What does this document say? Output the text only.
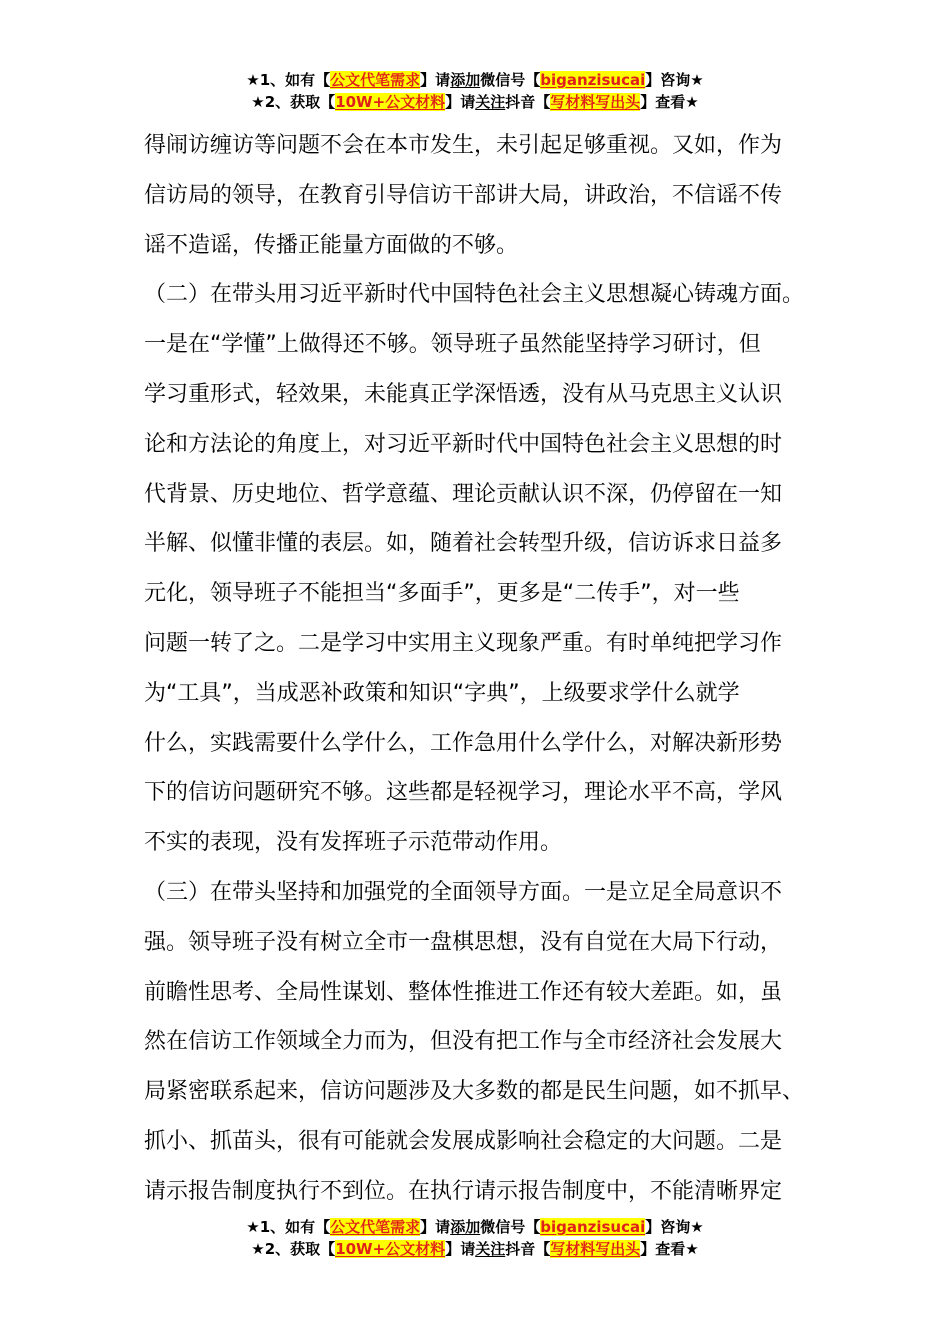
★1、如有【公文代笔需求】请添加微信号【biganzisucai】咨询★
★2、获取【10W+公文材料】请关注抖音【写材料写出头】查看★

得闹访缠访等问题不会在本市发生，未引起足够重视。又如，作为

信访局的领导，在教育引导信访干部讲大局，讲政治，不信谣不传

谣不造谣，传播正能量方面做的不够。

（二）在带头用习近平新时代中国特色社会主义思想凝心铸魂方面。

一是在“学懂”上做得还不够。领导班子虽然能坚持学习研讨，但

学习重形式，轻效果，未能真正学深悟透，没有从马克思主义认识

论和方法论的角度上，对习近平新时代中国特色社会主义思想的时

代背景、历史地位、哲学意蕴、理论贡献认识不深，仍停留在一知

半解、似懂非懂的表层。如，随着社会转型升级，信访诉求日益多

元化，领导班子不能担当“多面手”，更多是“二传手”，对一些

问题一转了之。二是学习中实用主义现象严重。有时单纯把学习作

为“工具”，当成恶补政策和知识“字典”，上级要求学什么就学

什么，实践需要什么学什么，工作急用什么学什么，对解决新形势

下的信访问题研究不够。这些都是轻视学习，理论水平不高，学风

不实的表现，没有发挥班子示范带动作用。

（三）在带头坚持和加强党的全面领导方面。一是立足全局意识不

强。领导班子没有树立全市一盘棋思想，没有自觉在大局下行动，

前瞻性思考、全局性谋划、整体性推进工作还有较大差距。如，虽

然在信访工作领域全力而为，但没有把工作与全市经济社会发展大

局紧密联系起来，信访问题涉及大多数的都是民生问题，如不抓早、

抓小、抓苗头，很有可能就会发展成影响社会稳定的大问题。二是

请示报告制度执行不到位。在执行请示报告制度中，不能清晰界定

★1、如有【公文代笔需求】请添加微信号【biganzisucai】咨询★
★2、获取【10W+公文材料】请关注抖音【写材料写出头】查看★
